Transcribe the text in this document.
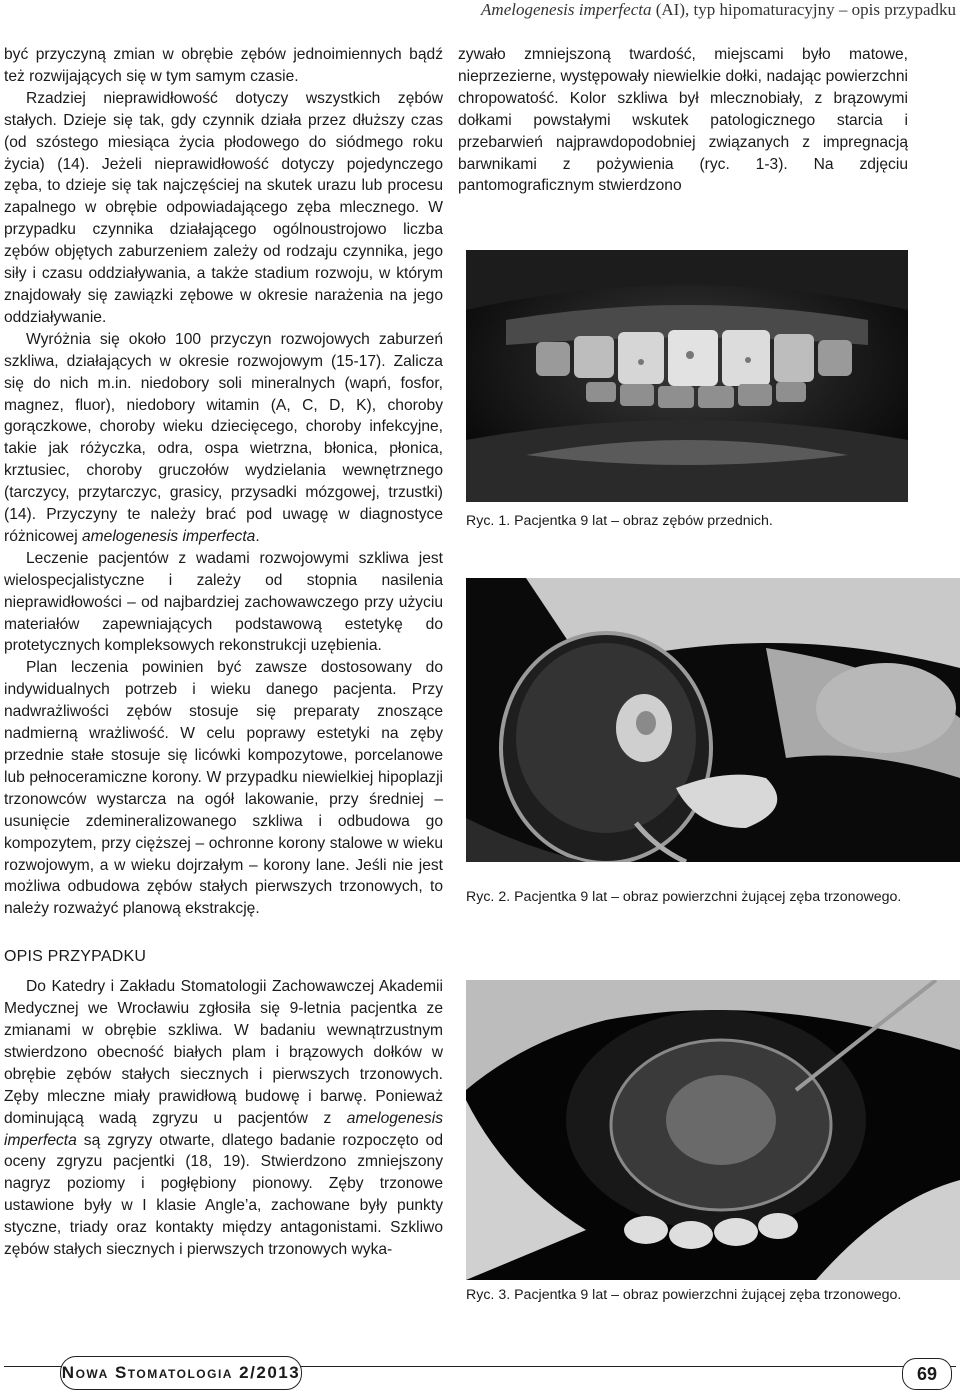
Amelogenesis imperfecta (AI), typ hipomaturacyjny – opis przypadku

być przyczyną zmian w obrębie zębów jednoimiennych bądź też rozwijających się w tym samym czasie.

Rzadziej nieprawidłowość dotyczy wszystkich zębów stałych. Dzieje się tak, gdy czynnik działa przez dłuższy czas (od szóstego miesiąca życia płodowego do siódmego roku życia) (14). Jeżeli nieprawidłowość dotyczy pojedynczego zęba, to dzieje się tak najczęściej na skutek urazu lub procesu zapalnego w obrębie odpowiadającego zęba mlecznego. W przypadku czynnika działającego ogólnoustrojowo liczba zębów objętych zaburzeniem zależy od rodzaju czynnika, jego siły i czasu oddziaływania, a także stadium rozwoju, w którym znajdowały się zawiązki zębowe w okresie narażenia na jego oddziaływanie.

Wyróżnia się około 100 przyczyn rozwojowych zaburzeń szkliwa, działających w okresie rozwojowym (15-17). Zalicza się do nich m.in. niedobory soli mineralnych (wapń, fosfor, magnez, fluor), niedobory witamin (A, C, D, K), choroby gorączkowe, choroby wieku dziecięcego, choroby infekcyjne, takie jak różyczka, odra, ospa wietrzna, błonica, płonica, krztusiec, choroby gruczołów wydzielania wewnętrznego (tarczycy, przytarczyc, grasicy, przysadki mózgowej, trzustki) (14). Przyczyny te należy brać pod uwagę w diagnostyce różnicowej amelogenesis imperfecta.

Leczenie pacjentów z wadami rozwojowymi szkliwa jest wielospecjalistyczne i zależy od stopnia nasilenia nieprawidłowości – od najbardziej zachowawczego przy użyciu materiałów zapewniających podstawową estetykę do protetycznych kompleksowych rekonstrukcji uzębienia.

Plan leczenia powinien być zawsze dostosowany do indywidualnych potrzeb i wieku danego pacjenta. Przy nadwrażliwości zębów stosuje się preparaty znoszące nadmierną wrażliwość. W celu poprawy estetyki na zęby przednie stałe stosuje się licówki kompozytowe, porcelanowe lub pełnoceramiczne korony. W przypadku niewielkiej hipoplazji trzonowców wystarcza na ogół lakowanie, przy średniej – usunięcie zdemineralizowanego szkliwa i odbudowa go kompozytem, przy cięższej – ochronne korony stalowe w wieku rozwojowym, a w wieku dojrzałym – korony lane. Jeśli nie jest możliwa odbudowa zębów stałych pierwszych trzonowych, to należy rozważyć planową ekstrakcję.

OPIS PRZYPADKU

Do Katedry i Zakładu Stomatologii Zachowawczej Akademii Medycznej we Wrocławiu zgłosiła się 9-letnia pacjentka ze zmianami w obrębie szkliwa. W badaniu wewnątrzustnym stwierdzono obecność białych plam i brązowych dołków w obrębie zębów stałych siecznych i pierwszych trzonowych. Zęby mleczne miały prawidłową budowę i barwę. Ponieważ dominującą wadą zgryzu u pacjentów z amelogenesis imperfecta są zgryzy otwarte, dlatego badanie rozpoczęto od oceny zgryzu pacjentki (18, 19). Stwierdzono zmniejszony nagryz poziomy i pogłębiony pionowy. Zęby trzonowe ustawione były w I klasie Angle’a, zachowane były punkty styczne, triady oraz kontakty między antagonistami. Szkliwo zębów stałych siecznych i pierwszych trzonowych wyka-

zywało zmniejszoną twardość, miejscami było matowe, nieprzezierne, występowały niewielkie dołki, nadając powierzchni chropowatość. Kolor szkliwa był mlecznobiały, z brązowymi dołkami powstałymi wskutek patologicznego starcia i przebarwień najprawdopodobniej związanych z impregnacją barwnikami z pożywienia (ryc. 1-3). Na zdjęciu pantomograficznym stwierdzono

Ryc. 1. Pacjentka 9 lat – obraz zębów przednich.
Ryc. 2. Pacjentka 9 lat – obraz powierzchni żującej zęba trzonowego.
Ryc. 3. Pacjentka 9 lat – obraz powierzchni żującej zęba trzonowego.
Nowa Stomatologia 2/2013	69
